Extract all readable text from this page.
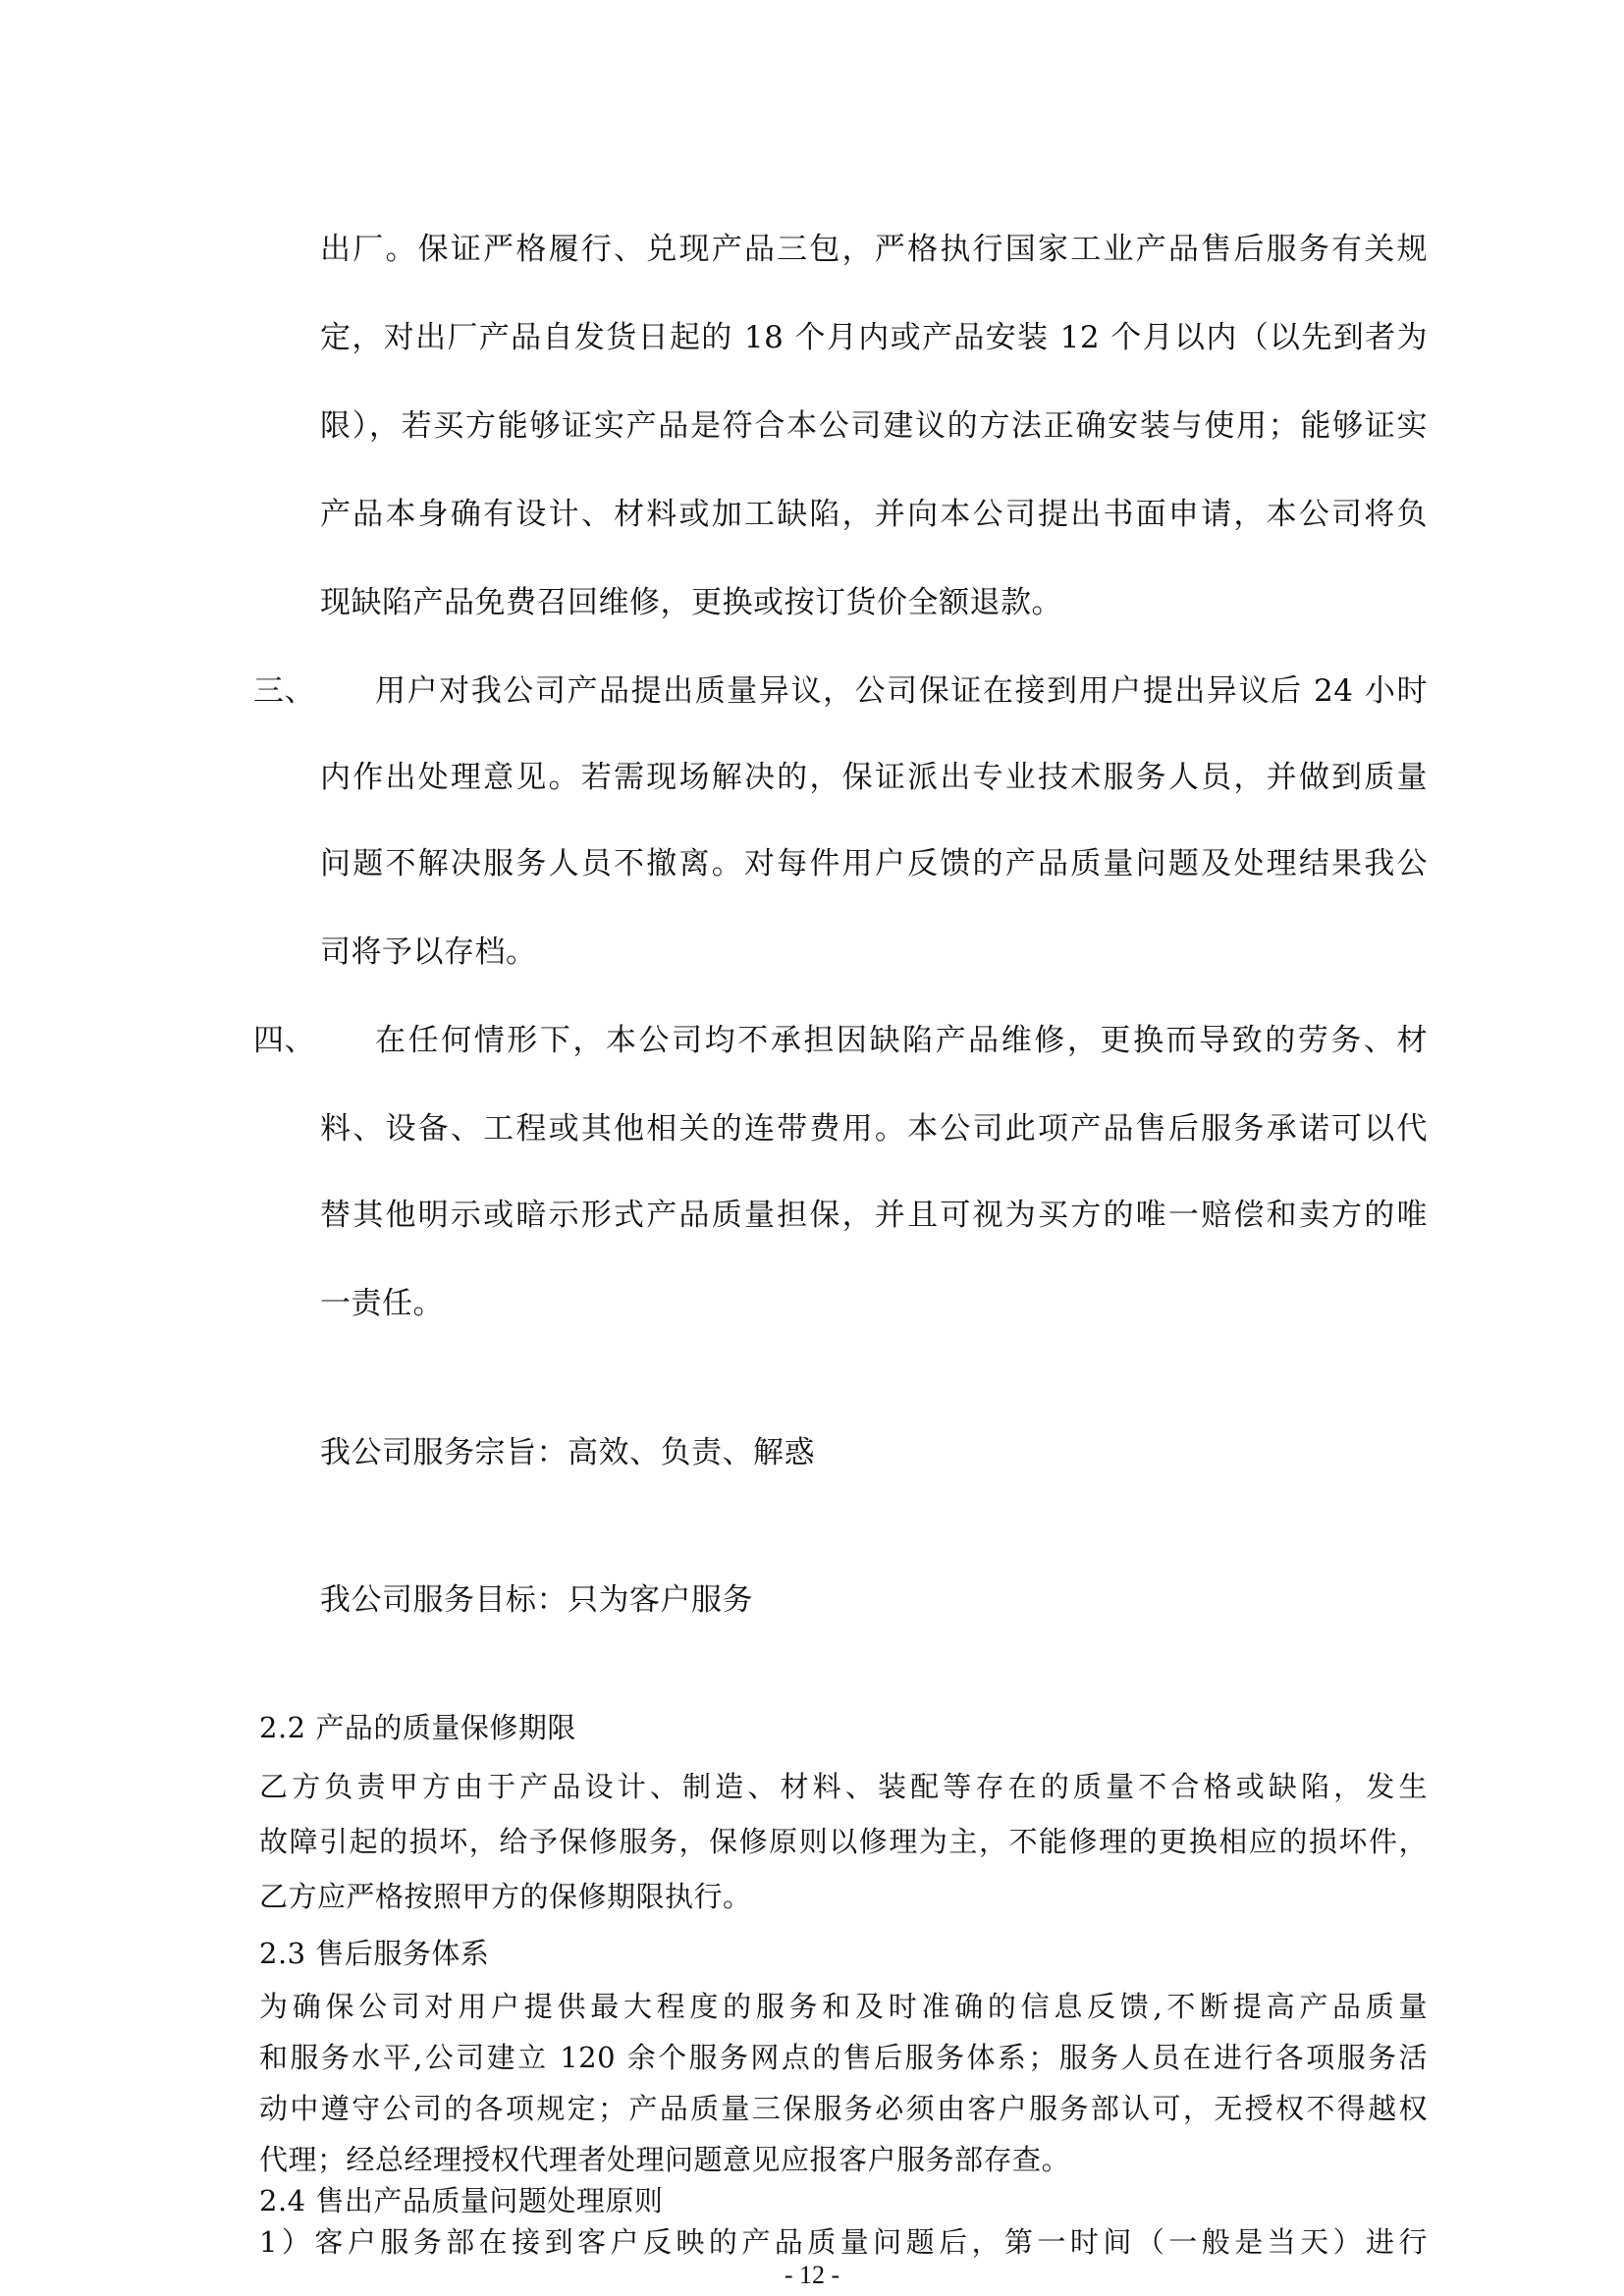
出厂。保证严格履行、兑现产品三包，严格执行国家工业产品售后服务有关规
定，对出厂产品自发货日起的 18 个月内或产品安装 12 个月以内（以先到者为
限），若买方能够证实产品是符合本公司建议的方法正确安装与使用；能够证实
产品本身确有设计、材料或加工缺陷，并向本公司提出书面申请，本公司将负
现缺陷产品免费召回维修，更换或按订货价全额退款。
三、 用户对我公司产品提出质量异议，公司保证在接到用户提出异议后 24 小时
内作出处理意见。若需现场解决的，保证派出专业技术服务人员，并做到质量
问题不解决服务人员不撤离。对每件用户反馈的产品质量问题及处理结果我公
司将予以存档。
四、 在任何情形下，本公司均不承担因缺陷产品维修，更换而导致的劳务、材
料、设备、工程或其他相关的连带费用。本公司此项产品售后服务承诺可以代
替其他明示或暗示形式产品质量担保，并且可视为买方的唯一赔偿和卖方的唯
一责任。
我公司服务宗旨：高效、负责、解惑
我公司服务目标：只为客户服务
2.2 产品的质量保修期限
乙方负责甲方由于产品设计、制造、材料、装配等存在的质量不合格或缺陷，发生
故障引起的损坏，给予保修服务，保修原则以修理为主，不能修理的更换相应的损坏件，
乙方应严格按照甲方的保修期限执行。
2.3 售后服务体系
为确保公司对用户提供最大程度的服务和及时准确的信息反馈,不断提高产品质量
和服务水平,公司建立 120 余个服务网点的售后服务体系；服务人员在进行各项服务活
动中遵守公司的各项规定；产品质量三保服务必须由客户服务部认可，无授权不得越权
代理；经总经理授权代理者处理问题意见应报客户服务部存查。
2.4 售出产品质量问题处理原则
1）客户服务部在接到客户反映的产品质量问题后，第一时间（一般是当天）进行
- 12 -
